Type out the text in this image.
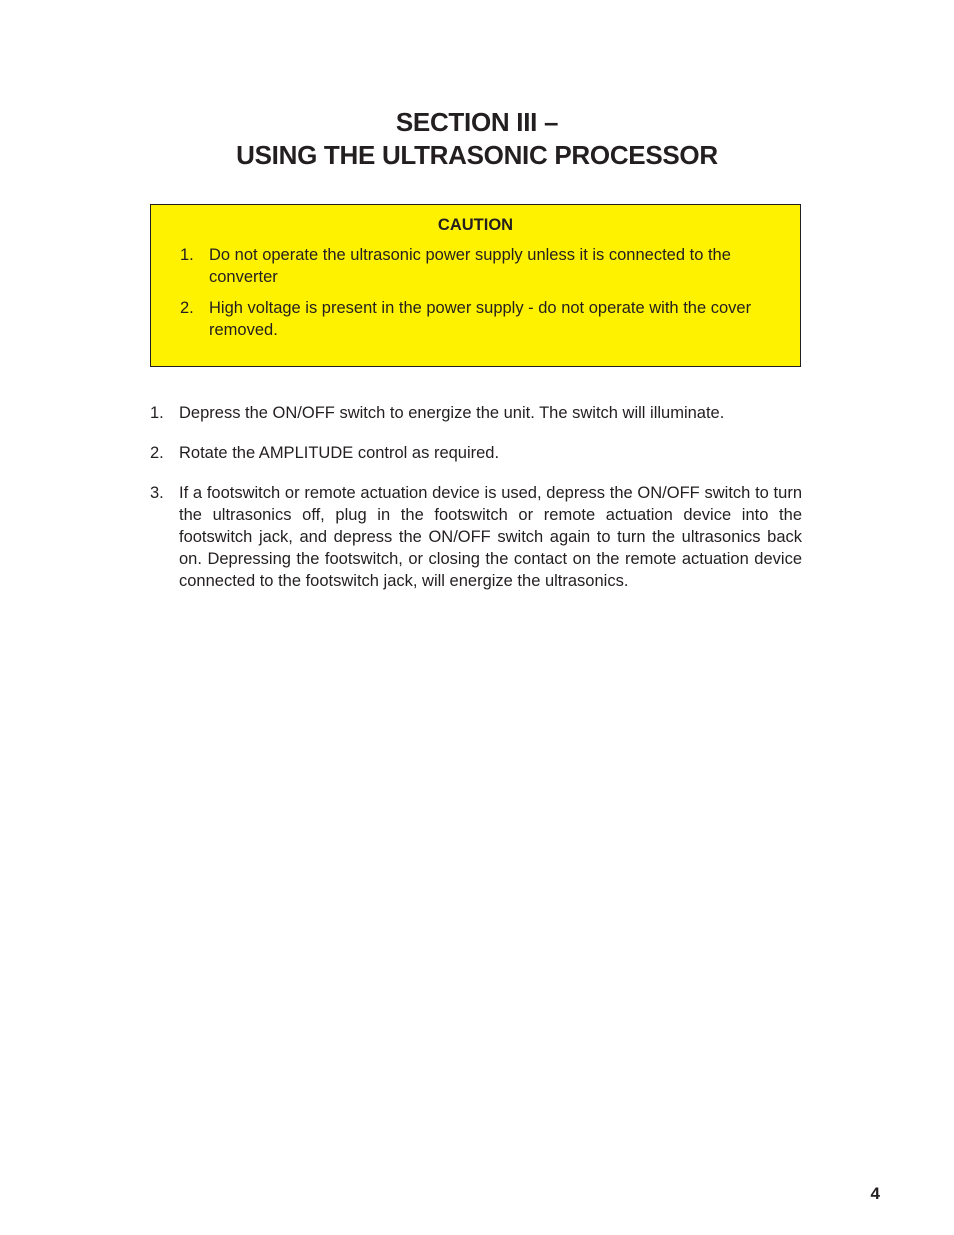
SECTION III –
USING THE ULTRASONIC PROCESSOR
CAUTION
1. Do not operate the ultrasonic power supply unless it is connected to the converter
2. High voltage is present in the power supply - do not operate with the cover removed.
1. Depress the ON/OFF switch to energize the unit. The switch will illuminate.
2. Rotate the AMPLITUDE control as required.
3. If a footswitch or remote actuation device is used, depress the ON/OFF switch to turn the ultrasonics off, plug in the footswitch or remote actuation device into the footswitch jack, and depress the ON/OFF switch again to turn the ultrasonics back on. Depressing the footswitch, or closing the contact on the remote actuation device connected to the footswitch jack, will energize the ultrasonics.
4
